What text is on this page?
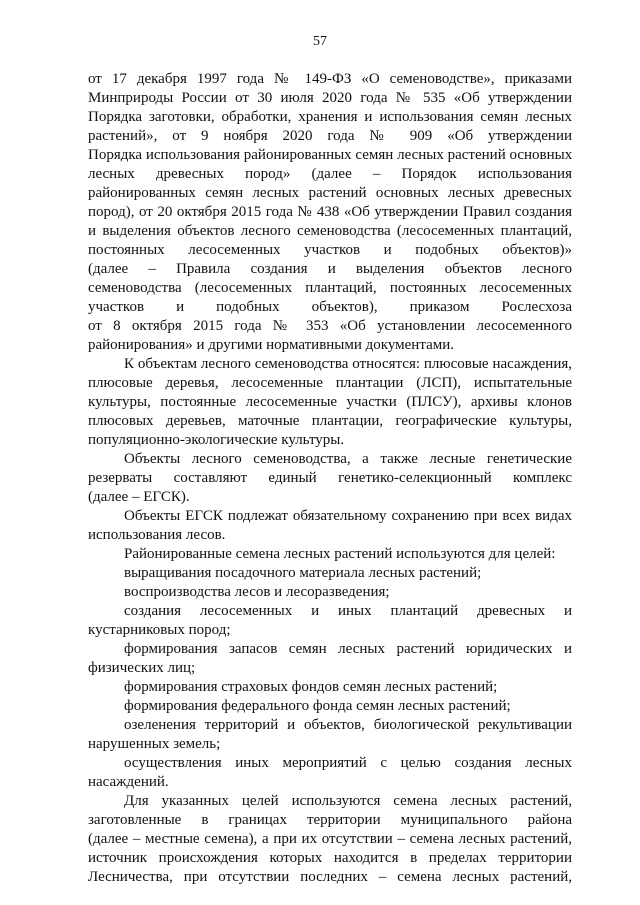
57
от 17 декабря 1997 года № 149-ФЗ «О семеноводстве», приказами
Минприроды России от 30 июля 2020 года № 535 «Об утверждении
Порядка заготовки, обработки, хранения и использования семян лесных
растений», от 9 ноября 2020 года № 909 «Об утверждении
Порядка использования районированных семян лесных растений основных
лесных древесных пород» (далее – Порядок использования
районированных семян лесных растений основных лесных древесных
пород), от 20 октября 2015 года № 438 «Об утверждении Правил создания
и выделения объектов лесного семеноводства (лесосеменных плантаций,
постоянных лесосеменных участков и подобных объектов)»
(далее – Правила создания и выделения объектов лесного
семеноводства (лесосеменных плантаций, постоянных лесосеменных
участков и подобных объектов), приказом Рослесхоза
от 8 октября 2015 года № 353 «Об установлении лесосеменного
районирования» и другими нормативными документами.
К объектам лесного семеноводства относятся: плюсовые насаждения,
плюсовые деревья, лесосеменные плантации (ЛСП), испытательные
культуры, постоянные лесосеменные участки (ПЛСУ), архивы клонов
плюсовых деревьев, маточные плантации, географические культуры,
популяционно-экологические культуры.
Объекты лесного семеноводства, а также лесные генетические
резерваты составляют единый генетико-селекционный комплекс
(далее – ЕГСК).
Объекты ЕГСК подлежат обязательному сохранению при всех видах
использования лесов.
Районированные семена лесных растений используются для целей:
выращивания посадочного материала лесных растений;
воспроизводства лесов и лесоразведения;
создания лесосеменных и иных плантаций древесных и
кустарниковых пород;
формирования запасов семян лесных растений юридических и
физических лиц;
формирования страховых фондов семян лесных растений;
формирования федерального фонда семян лесных растений;
озеленения территорий и объектов, биологической рекультивации
нарушенных земель;
осуществления иных мероприятий с целью создания лесных
насаждений.
Для указанных целей используются семена лесных растений,
заготовленные в границах территории муниципального района
(далее – местные семена), а при их отсутствии – семена лесных растений,
источник происхождения которых находится в пределах территории
Лесничества, при отсутствии последних – семена лесных растений,
